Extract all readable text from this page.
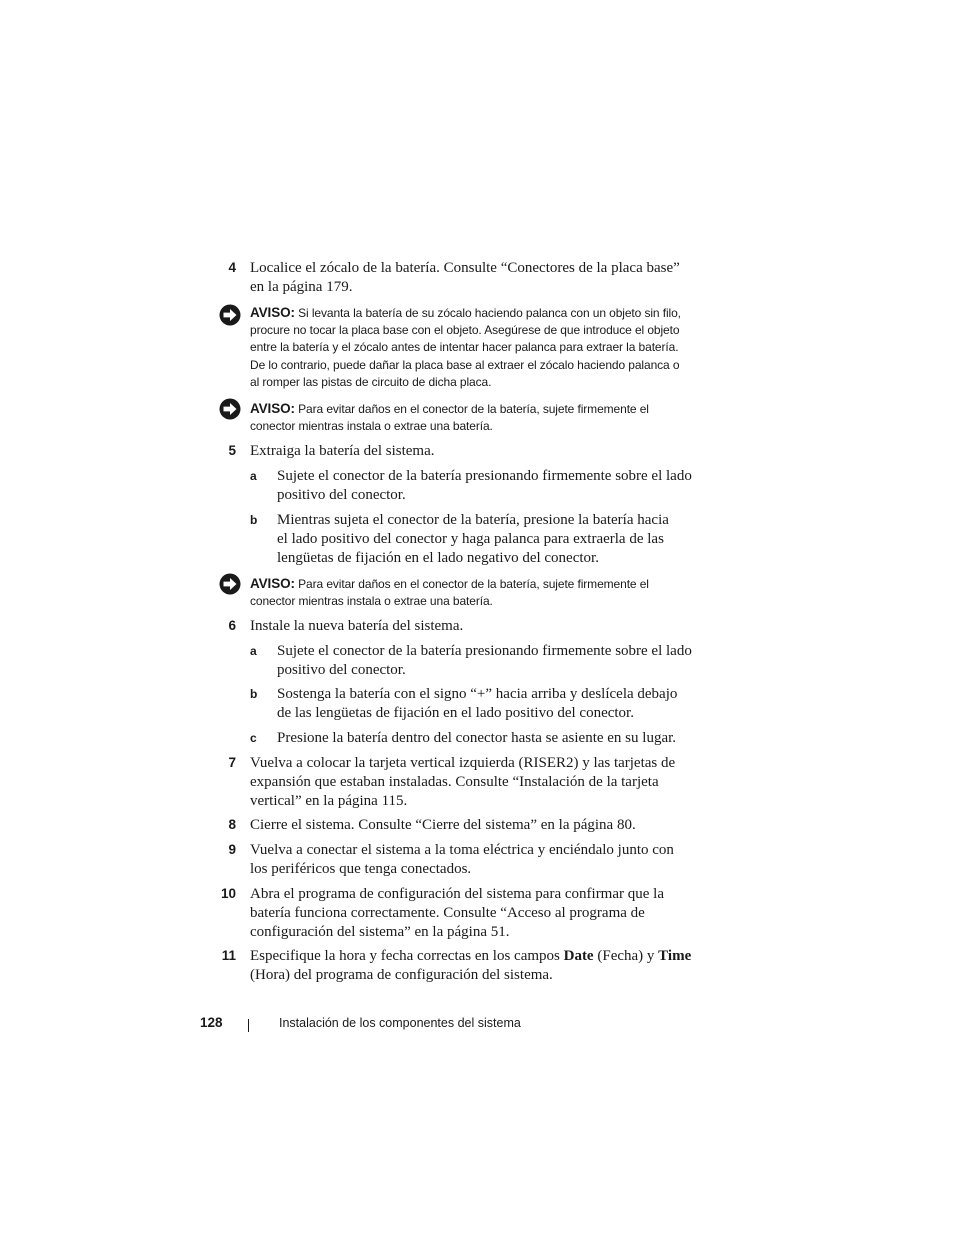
4 Localice el zócalo de la batería. Consulte “Conectores de la placa base”
en la página 179.
AVISO: Si levanta la batería de su zócalo haciendo palanca con un objeto sin filo,
procure no tocar la placa base con el objeto. Asegúrese de que introduce el objeto
entre la batería y el zócalo antes de intentar hacer palanca para extraer la batería.
De lo contrario, puede dañar la placa base al extraer el zócalo haciendo palanca o
al romper las pistas de circuito de dicha placa.
AVISO: Para evitar daños en el conector de la batería, sujete firmemente el
conector mientras instala o extrae una batería.
5 Extraiga la batería del sistema.
a Sujete el conector de la batería presionando firmemente sobre el lado
positivo del conector.
b Mientras sujeta el conector de la batería, presione la batería hacia
el lado positivo del conector y haga palanca para extraerla de las
lengüetas de fijación en el lado negativo del conector.
AVISO: Para evitar daños en el conector de la batería, sujete firmemente el
conector mientras instala o extrae una batería.
6 Instale la nueva batería del sistema.
a Sujete el conector de la batería presionando firmemente sobre el lado
positivo del conector.
b Sostenga la batería con el signo “+” hacia arriba y deslícela debajo
de las lengüetas de fijación en el lado positivo del conector.
c Presione la batería dentro del conector hasta se asiente en su lugar.
7 Vuelva a colocar la tarjeta vertical izquierda (RISER2) y las tarjetas de
expansión que estaban instaladas. Consulte “Instalación de la tarjeta
vertical” en la página 115.
8 Cierre el sistema. Consulte “Cierre del sistema” en la página 80.
9 Vuelva a conectar el sistema a la toma eléctrica y enciéndalo junto con
los periféricos que tenga conectados.
10 Abra el programa de configuración del sistema para confirmar que la
batería funciona correctamente. Consulte “Acceso al programa de
configuración del sistema” en la página 51.
11 Especifique la hora y fecha correctas en los campos Date (Fecha) y Time
(Hora) del programa de configuración del sistema.
128	Instalación de los componentes del sistema
